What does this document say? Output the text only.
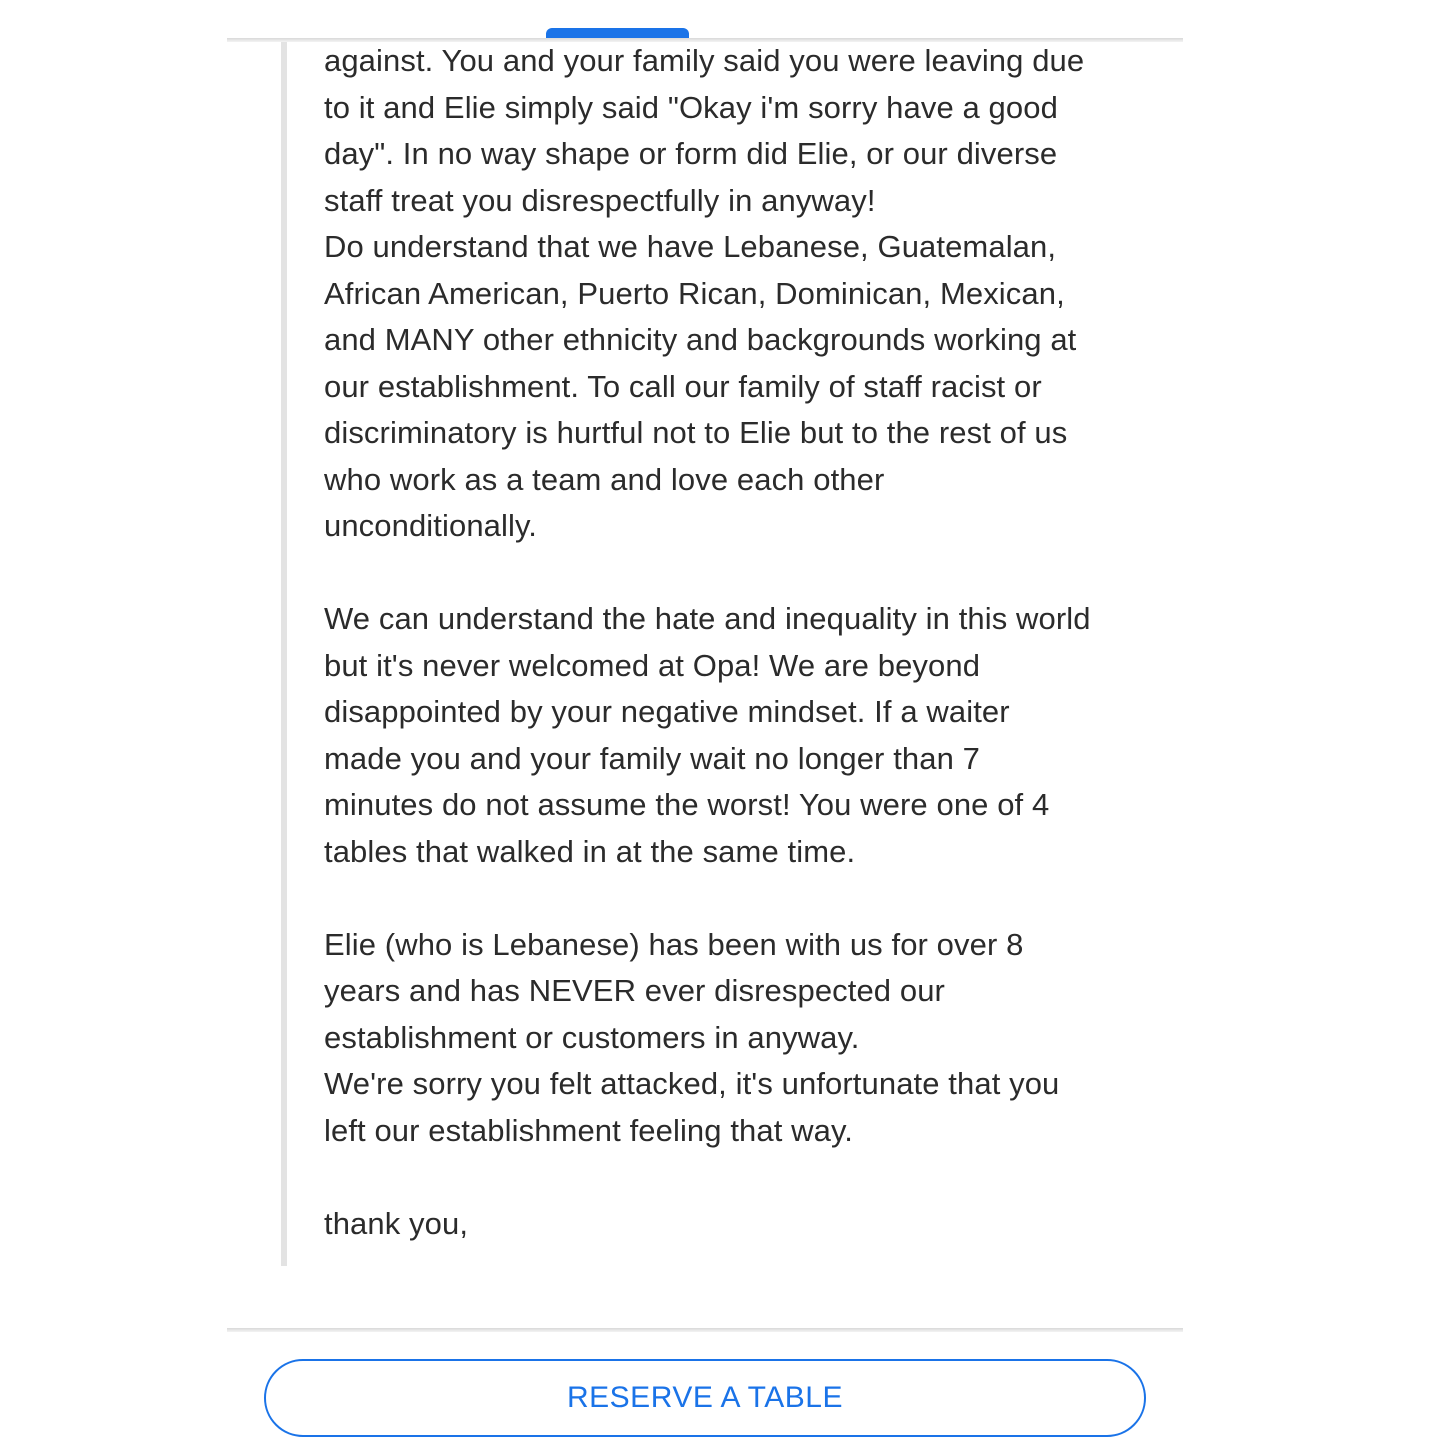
against. You and your family said you were leaving due
to it and Elie simply said "Okay i'm sorry have a good
day". In no way shape or form did Elie, or our diverse
staff treat you disrespectfully in anyway!

Do understand that we have Lebanese, Guatemalan,
African American, Puerto Rican, Dominican, Mexican,
and MANY other ethnicity and backgrounds working at
our establishment. To call our family of staff racist or
discriminatory is hurtful not to Elie but to the rest of us
who work as a team and love each other
unconditionally.

We can understand the hate and inequality in this world
but it's never welcomed at Opa! We are beyond
disappointed by your negative mindset. If a waiter
made you and your family wait no longer than 7
minutes do not assume the worst! You were one of 4
tables that walked in at the same time.

Elie (who is Lebanese) has been with us for over 8
years and has NEVER ever disrespected our
establishment or customers in anyway.

We're sorry you felt attacked, it's unfortunate that you
left our establishment feeling that way.

thank you,

RESERVE A TABLE
